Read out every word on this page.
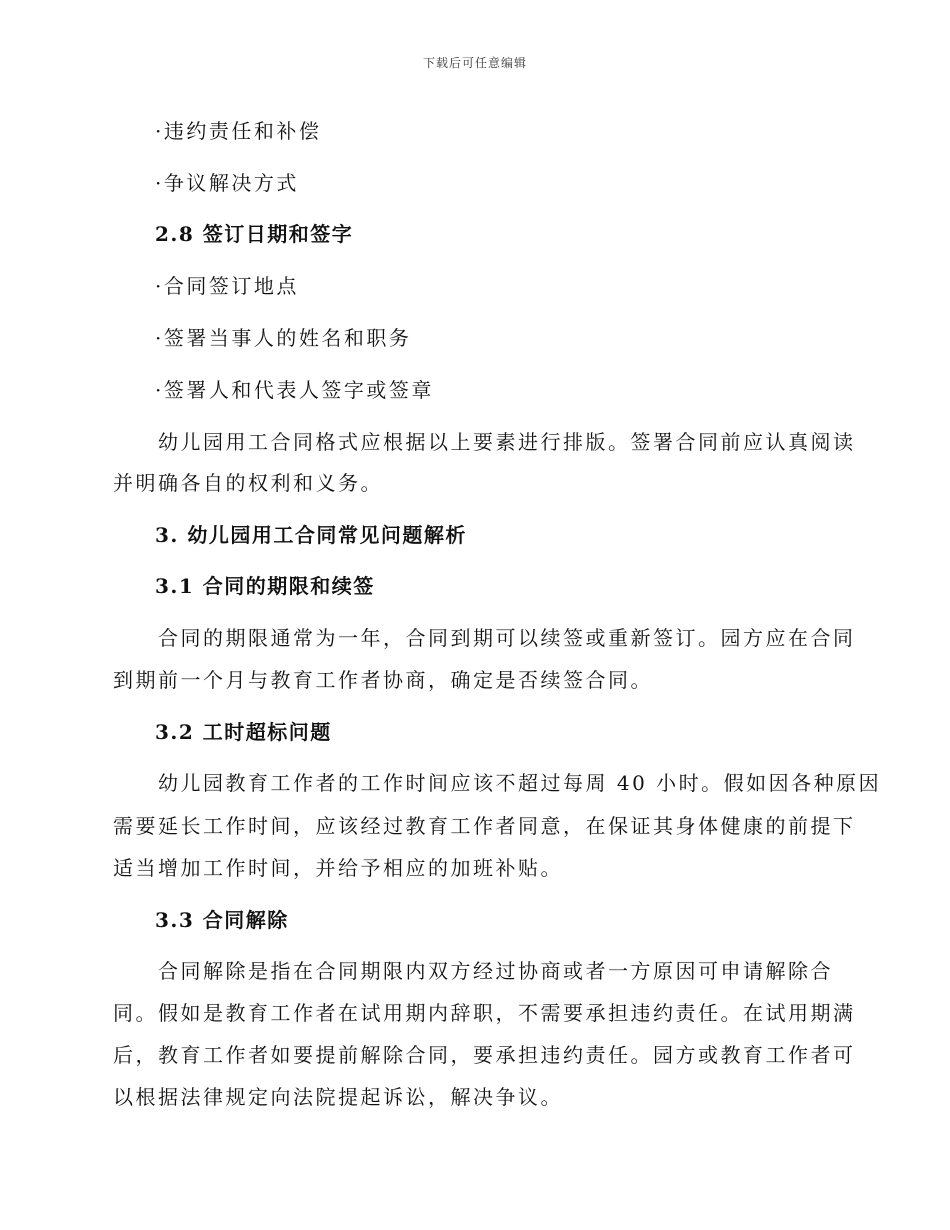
下载后可任意编辑
·违约责任和补偿
·争议解决方式
2.8 签订日期和签字
·合同签订地点
·签署当事人的姓名和职务
·签署人和代表人签字或签章
幼儿园用工合同格式应根据以上要素进行排版。签署合同前应认真阅读
并明确各自的权利和义务。
3. 幼儿园用工合同常见问题解析
3.1 合同的期限和续签
合同的期限通常为一年，合同到期可以续签或重新签订。园方应在合同
到期前一个月与教育工作者协商，确定是否续签合同。
3.2 工时超标问题
幼儿园教育工作者的工作时间应该不超过每周 40 小时。假如因各种原因
需要延长工作时间，应该经过教育工作者同意，在保证其身体健康的前提下
适当增加工作时间，并给予相应的加班补贴。
3.3 合同解除
合同解除是指在合同期限内双方经过协商或者一方原因可申请解除合
同。假如是教育工作者在试用期内辞职，不需要承担违约责任。在试用期满
后，教育工作者如要提前解除合同，要承担违约责任。园方或教育工作者可
以根据法律规定向法院提起诉讼，解决争议。
